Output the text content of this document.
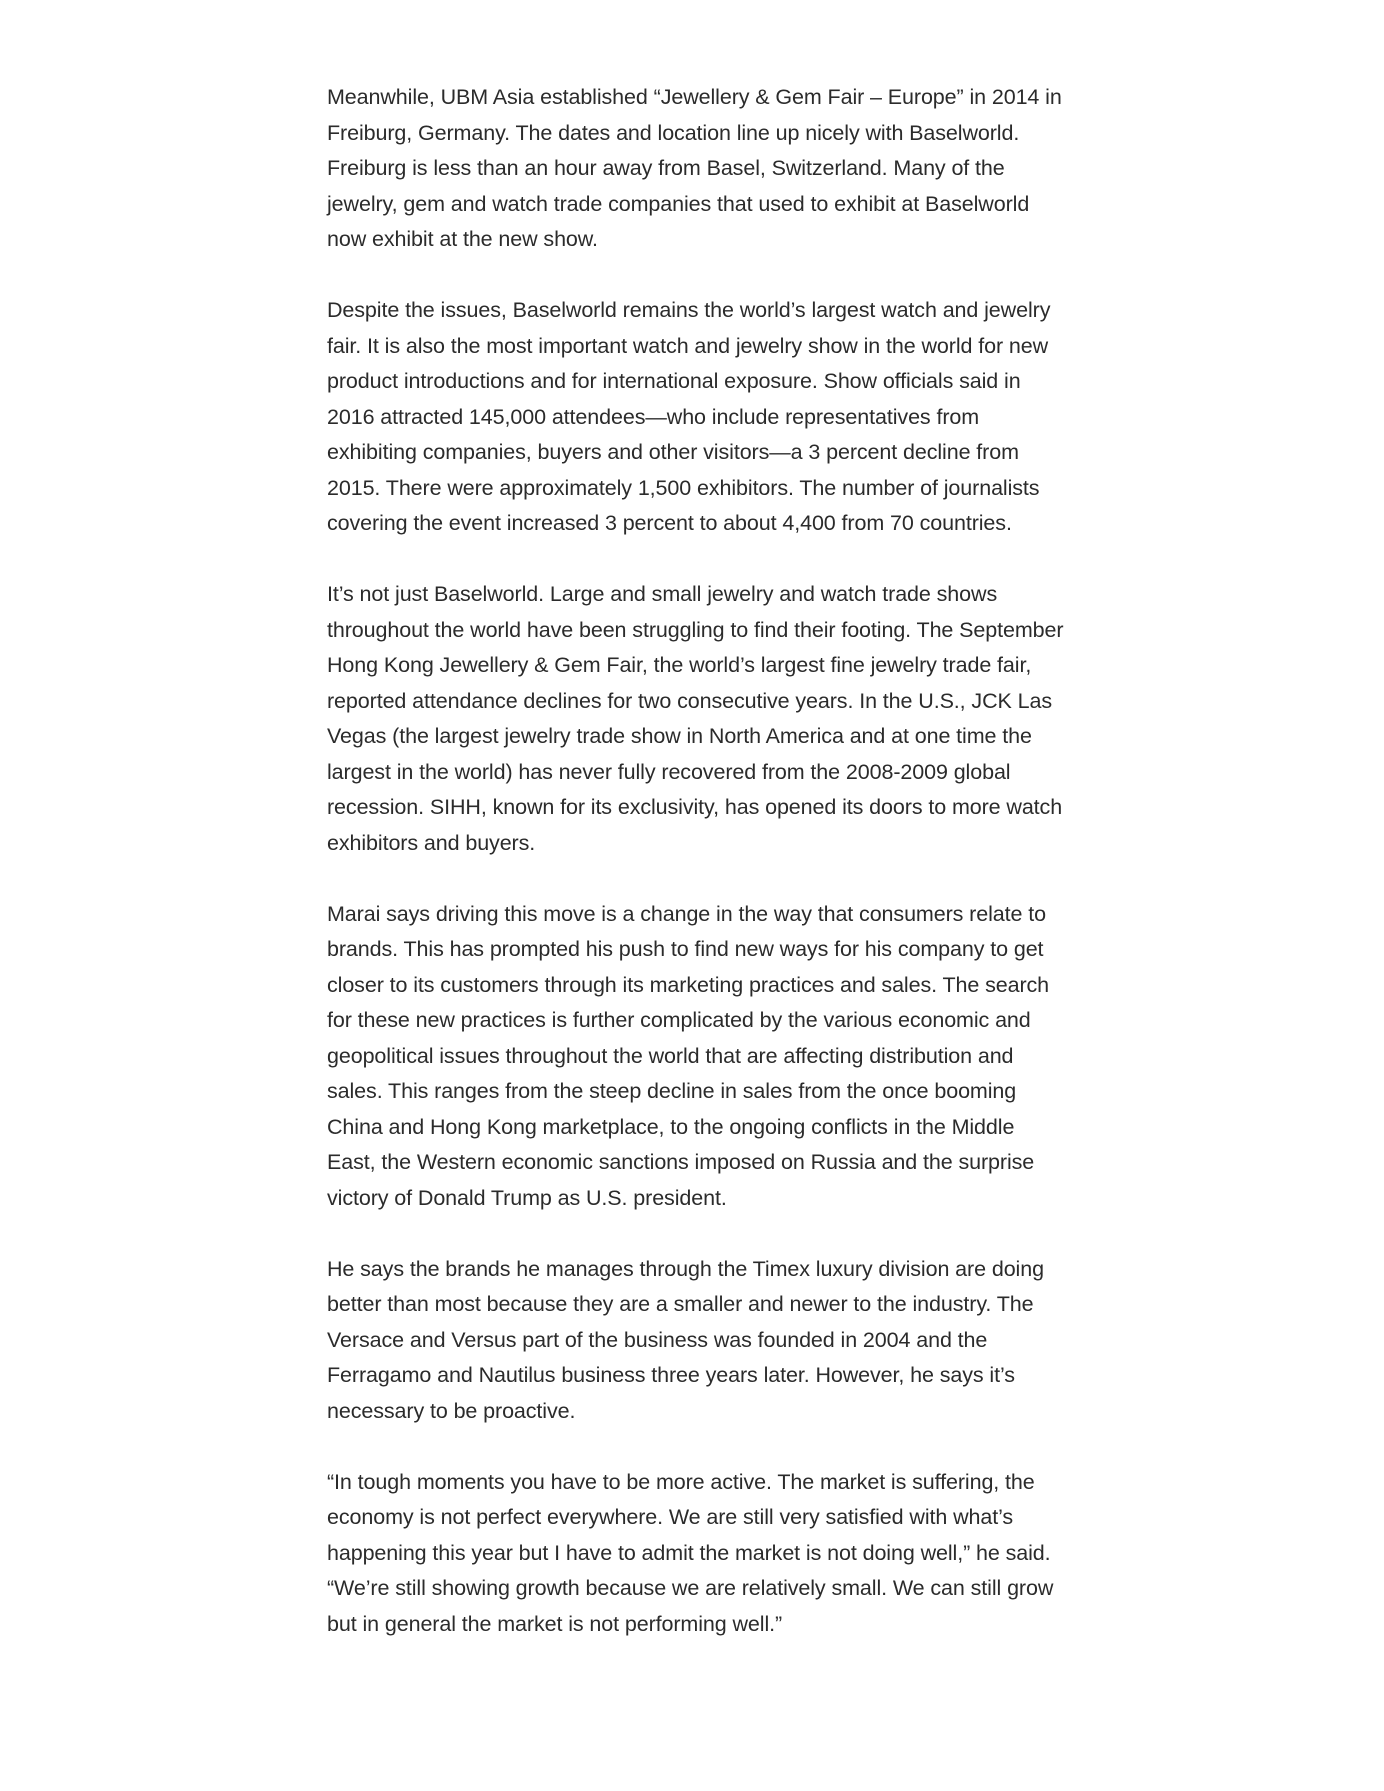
Meanwhile, UBM Asia established “Jewellery & Gem Fair – Europe” in 2014 in Freiburg, Germany. The dates and location line up nicely with Baselworld. Freiburg is less than an hour away from Basel, Switzerland. Many of the jewelry, gem and watch trade companies that used to exhibit at Baselworld now exhibit at the new show.

Despite the issues, Baselworld remains the world’s largest watch and jewelry fair. It is also the most important watch and jewelry show in the world for new product introductions and for international exposure. Show officials said in 2016 attracted 145,000 attendees—who include representatives from exhibiting companies, buyers and other visitors—a 3 percent decline from 2015. There were approximately 1,500 exhibitors. The number of journalists covering the event increased 3 percent to about 4,400 from 70 countries.

It’s not just Baselworld. Large and small jewelry and watch trade shows throughout the world have been struggling to find their footing. The September Hong Kong Jewellery & Gem Fair, the world’s largest fine jewelry trade fair, reported attendance declines for two consecutive years. In the U.S., JCK Las Vegas (the largest jewelry trade show in North America and at one time the largest in the world) has never fully recovered from the 2008-2009 global recession. SIHH, known for its exclusivity, has opened its doors to more watch exhibitors and buyers.

Marai says driving this move is a change in the way that consumers relate to brands. This has prompted his push to find new ways for his company to get closer to its customers through its marketing practices and sales. The search for these new practices is further complicated by the various economic and geopolitical issues throughout the world that are affecting distribution and sales. This ranges from the steep decline in sales from the once booming China and Hong Kong marketplace, to the ongoing conflicts in the Middle East, the Western economic sanctions imposed on Russia and the surprise victory of Donald Trump as U.S. president.

He says the brands he manages through the Timex luxury division are doing better than most because they are a smaller and newer to the industry. The Versace and Versus part of the business was founded in 2004 and the Ferragamo and Nautilus business three years later. However, he says it’s necessary to be proactive.

“In tough moments you have to be more active. The market is suffering, the economy is not perfect everywhere. We are still very satisfied with what’s happening this year but I have to admit the market is not doing well,” he said. “We’re still showing growth because we are relatively small. We can still grow but in general the market is not performing well.”
